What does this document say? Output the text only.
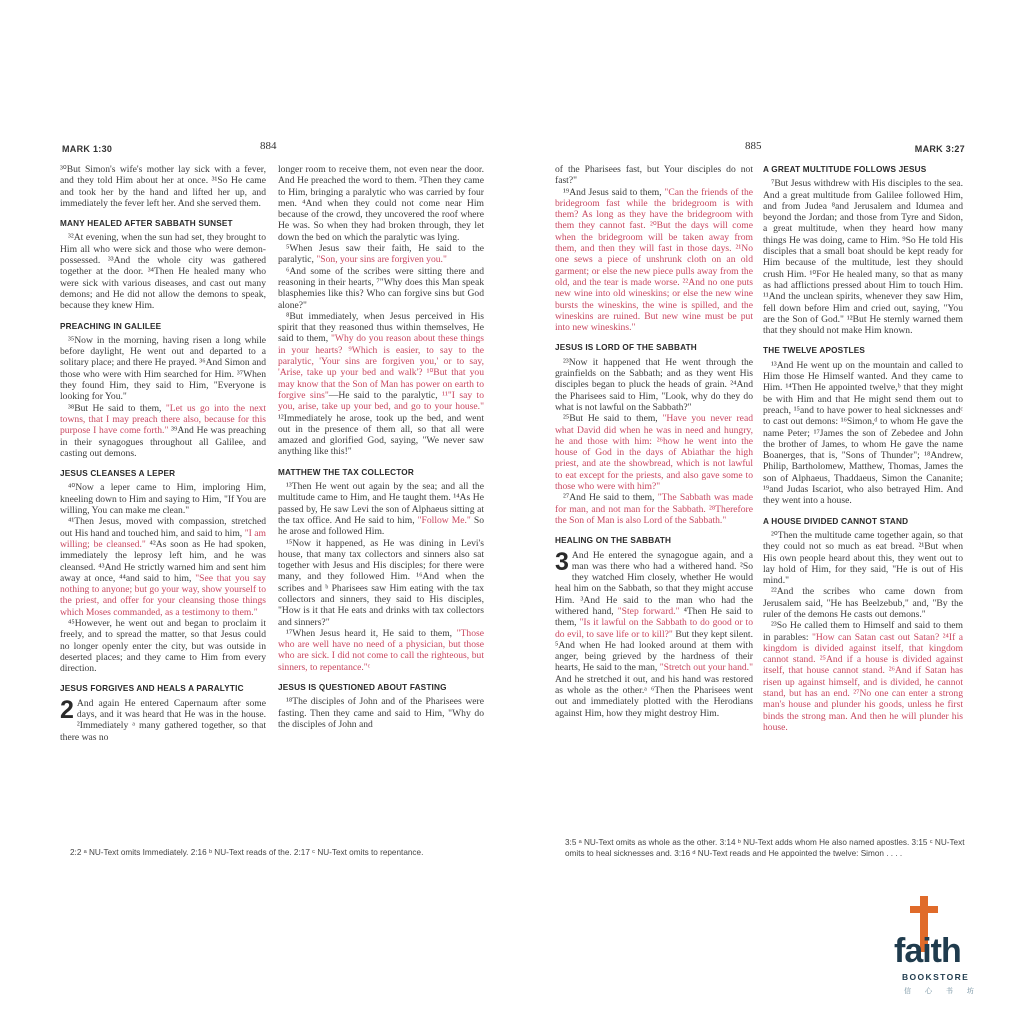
MARK 1:30	884

³⁰But Simon's wife's mother lay sick with a fever, and they told Him about her at once. ³¹So He came and took her by the hand and lifted her up, and immediately the fever left her. And she served them.

MANY HEALED AFTER SABBATH SUNSET

³²At evening, when the sun had set, they brought to Him all who were sick and those who were demon-possessed. ³³And the whole city was gathered together at the door. ³⁴Then He healed many who were sick with various diseases, and cast out many demons; and He did not allow the demons to speak, because they knew Him.

PREACHING IN GALILEE

³⁵Now in the morning, having risen a long while before daylight, He went out and departed to a solitary place; and there He prayed. ³⁶And Simon and those who were with Him searched for Him. ³⁷When they found Him, they said to Him, "Everyone is looking for You."

³⁸But He said to them, "Let us go into the next towns, that I may preach there also, because for this purpose I have come forth." ³⁹And He was preaching in their synagogues throughout all Galilee, and casting out demons.

JESUS CLEANSES A LEPER

⁴⁰Now a leper came to Him, imploring Him, kneeling down to Him and saying to Him, "If You are willing, You can make me clean."

⁴¹Then Jesus, moved with compassion, stretched out His hand and touched him, and said to him, "I am willing; be cleansed." ⁴²As soon as He had spoken, immediately the leprosy left him, and he was cleansed. ⁴³And He strictly warned him and sent him away at once, ⁴⁴and said to him, "See that you say nothing to anyone; but go your way, show yourself to the priest, and offer for your cleansing those things which Moses commanded, as a testimony to them."

⁴⁵However, he went out and began to proclaim it freely, and to spread the matter, so that Jesus could no longer openly enter the city, but was outside in deserted places; and they came to Him from every direction.

JESUS FORGIVES AND HEALS A PARALYTIC

2 And again He entered Capernaum after some days, and it was heard that He was in the house. ²Immediately ᵃ many gathered together, so that there was no

longer room to receive them, not even near the door. And He preached the word to them. ³Then they came to Him, bringing a paralytic who was carried by four men. ⁴And when they could not come near Him because of the crowd, they uncovered the roof where He was. So when they had broken through, they let down the bed on which the paralytic was lying.

⁵When Jesus saw their faith, He said to the paralytic, "Son, your sins are forgiven you."

⁶And some of the scribes were sitting there and reasoning in their hearts, ⁷"Why does this Man speak blasphemies like this? Who can forgive sins but God alone?"

⁸But immediately, when Jesus perceived in His spirit that they reasoned thus within themselves, He said to them, "Why do you reason about these things in your hearts? ⁹Which is easier, to say to the paralytic, 'Your sins are forgiven you,' or to say, 'Arise, take up your bed and walk'? ¹⁰But that you may know that the Son of Man has power on earth to forgive sins"—He said to the paralytic, ¹¹"I say to you, arise, take up your bed, and go to your house." ¹²Immediately he arose, took up the bed, and went out in the presence of them all, so that all were amazed and glorified God, saying, "We never saw anything like this!"

MATTHEW THE TAX COLLECTOR

¹³Then He went out again by the sea; and all the multitude came to Him, and He taught them. ¹⁴As He passed by, He saw Levi the son of Alphaeus sitting at the tax office. And He said to him, "Follow Me." So he arose and followed Him.

¹⁵Now it happened, as He was dining in Levi's house, that many tax collectors and sinners also sat together with Jesus and His disciples; for there were many, and they followed Him. ¹⁶And when the scribes and ᵇ Pharisees saw Him eating with the tax collectors and sinners, they said to His disciples, "How is it that He eats and drinks with tax collectors and sinners?"

¹⁷When Jesus heard it, He said to them, "Those who are well have no need of a physician, but those who are sick. I did not come to call the righteous, but sinners, to repentance."ᶜ

JESUS IS QUESTIONED ABOUT FASTING

¹⁸The disciples of John and of the Pharisees were fasting. Then they came and said to Him, "Why do the disciples of John and

2:2 ᵃ NU-Text omits Immediately. 2:16 ᵇ NU-Text reads of the. 2:17 ᶜ NU-Text omits to repentance.

885	MARK 3:27

of the Pharisees fast, but Your disciples do not fast?"

¹⁹And Jesus said to them, "Can the friends of the bridegroom fast while the bridegroom is with them? As long as they have the bridegroom with them they cannot fast. ²⁰But the days will come when the bridegroom will be taken away from them, and then they will fast in those days. ²¹No one sews a piece of unshrunk cloth on an old garment; or else the new piece pulls away from the old, and the tear is made worse. ²²And no one puts new wine into old wineskins; or else the new wine bursts the wineskins, the wine is spilled, and the wineskins are ruined. But new wine must be put into new wineskins."

JESUS IS LORD OF THE SABBATH

²³Now it happened that He went through the grainfields on the Sabbath; and as they went His disciples began to pluck the heads of grain. ²⁴And the Pharisees said to Him, "Look, why do they do what is not lawful on the Sabbath?"

²⁵But He said to them, "Have you never read what David did when he was in need and hungry, he and those with him: ²⁶how he went into the house of God in the days of Abiathar the high priest, and ate the showbread, which is not lawful to eat except for the priests, and also gave some to those who were with him?"

²⁷And He said to them, "The Sabbath was made for man, and not man for the Sabbath. ²⁸Therefore the Son of Man is also Lord of the Sabbath."

HEALING ON THE SABBATH

3 And He entered the synagogue again, and a man was there who had a withered hand. ²So they watched Him closely, whether He would heal him on the Sabbath, so that they might accuse Him. ³And He said to the man who had the withered hand, "Step forward." ⁴Then He said to them, "Is it lawful on the Sabbath to do good or to do evil, to save life or to kill?" But they kept silent. ⁵And when He had looked around at them with anger, being grieved by the hardness of their hearts, He said to the man, "Stretch out your hand." And he stretched it out, and his hand was restored as whole as the other.ᵃ ⁶Then the Pharisees went out and immediately plotted with the Herodians against Him, how they might destroy Him.

A GREAT MULTITUDE FOLLOWS JESUS

⁷But Jesus withdrew with His disciples to the sea. And a great multitude from Galilee followed Him, and from Judea ⁸and Jerusalem and Idumea and beyond the Jordan; and those from Tyre and Sidon, a great multitude, when they heard how many things He was doing, came to Him. ⁹So He told His disciples that a small boat should be kept ready for Him because of the multitude, lest they should crush Him. ¹⁰For He healed many, so that as many as had afflictions pressed about Him to touch Him. ¹¹And the unclean spirits, whenever they saw Him, fell down before Him and cried out, saying, "You are the Son of God." ¹²But He sternly warned them that they should not make Him known.

THE TWELVE APOSTLES

¹³And He went up on the mountain and called to Him those He Himself wanted. And they came to Him. ¹⁴Then He appointed twelve,ᵇ that they might be with Him and that He might send them out to preach, ¹⁵and to have power to heal sicknesses andᶜ to cast out demons: ¹⁶Simon,ᵈ to whom He gave the name Peter; ¹⁷James the son of Zebedee and John the brother of James, to whom He gave the name Boanerges, that is, "Sons of Thunder"; ¹⁸Andrew, Philip, Bartholomew, Matthew, Thomas, James the son of Alphaeus, Thaddaeus, Simon the Cananite; ¹⁹and Judas Iscariot, who also betrayed Him. And they went into a house.

A HOUSE DIVIDED CANNOT STAND

²⁰Then the multitude came together again, so that they could not so much as eat bread. ²¹But when His own people heard about this, they went out to lay hold of Him, for they said, "He is out of His mind."

²²And the scribes who came down from Jerusalem said, "He has Beelzebub," and, "By the ruler of the demons He casts out demons."

²³So He called them to Himself and said to them in parables: "How can Satan cast out Satan? ²⁴If a kingdom is divided against itself, that kingdom cannot stand. ²⁵And if a house is divided against itself, that house cannot stand. ²⁶And if Satan has risen up against himself, and is divided, he cannot stand, but has an end. ²⁷No one can enter a strong man's house and plunder his goods, unless he first binds the strong man. And then he will plunder his house.

3:5 ᵃ NU-Text omits as whole as the other. 3:14 ᵇ NU-Text adds whom He also named apostles. 3:15 ᶜ NU-Text omits to heal sicknesses and. 3:16 ᵈ NU-Text reads and He appointed the twelve: Simon . . . .

faith
BOOKSTORE
信 心 书 坊
